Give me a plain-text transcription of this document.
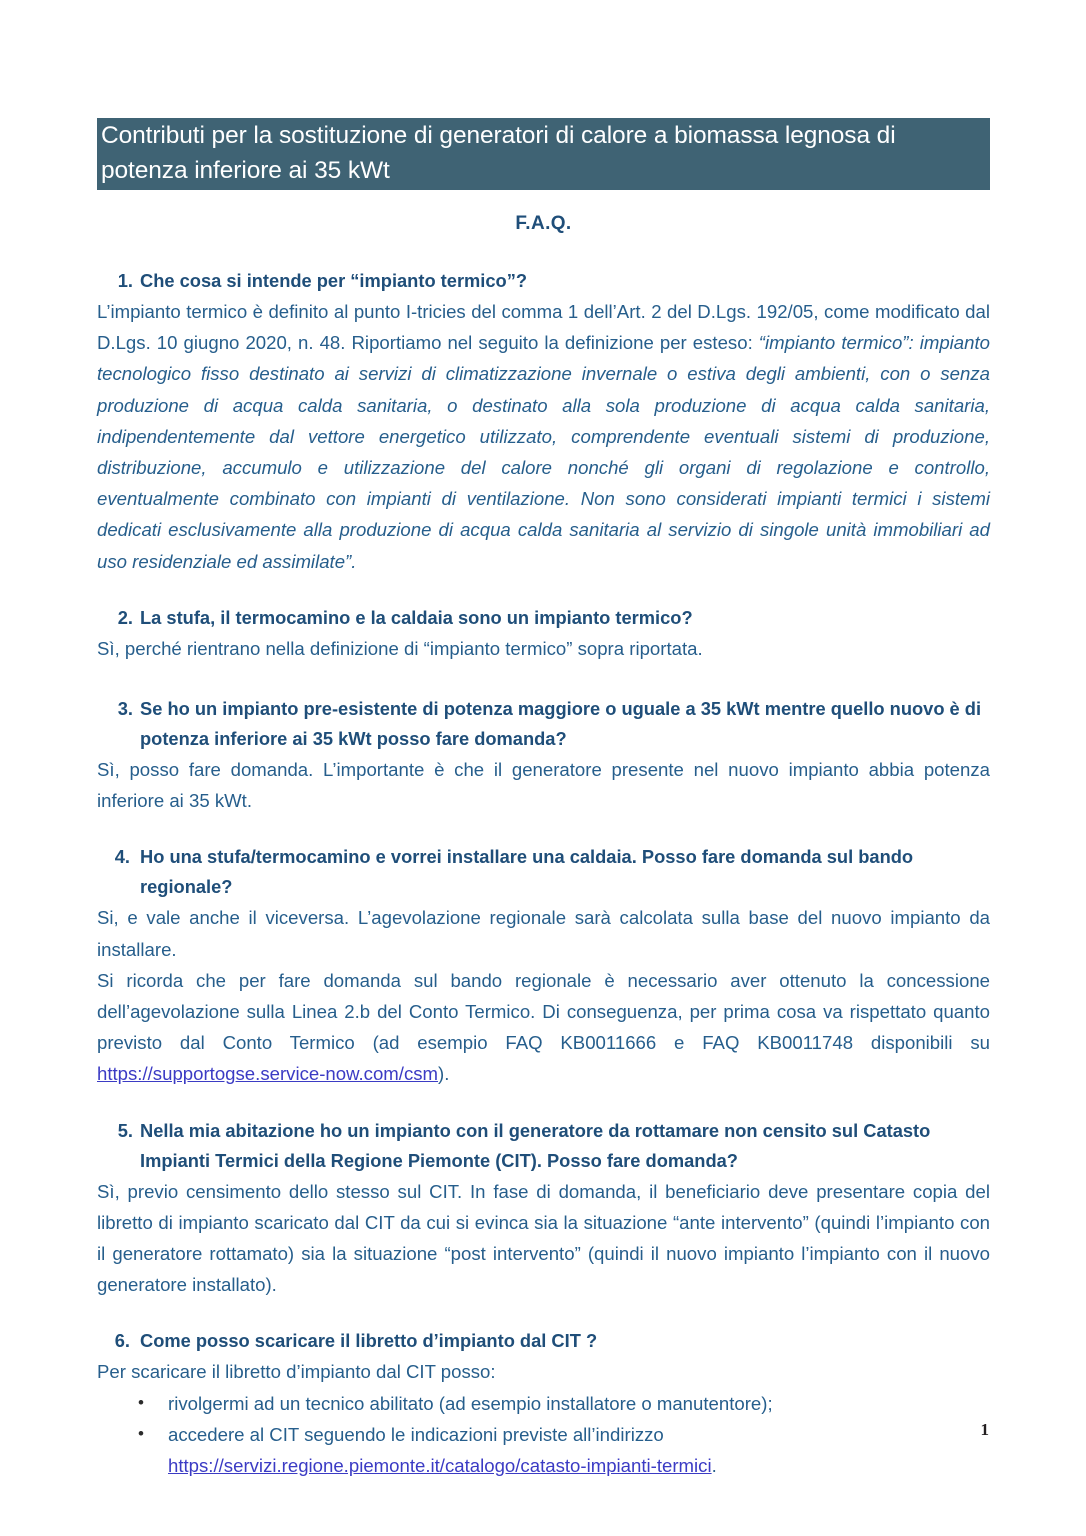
Contributi per la sostituzione di generatori di calore a biomassa legnosa di potenza inferiore ai 35 kWt
F.A.Q.
1. Che cosa si intende per “impianto termico”?

L’impianto termico è definito al punto I-tricies del comma 1 dell’Art. 2 del D.Lgs. 192/05, come modificato dal D.Lgs. 10 giugno 2020, n. 48. Riportiamo nel seguito la definizione per esteso: “impianto termico”: impianto tecnologico fisso destinato ai servizi di climatizzazione invernale o estiva degli ambienti, con o senza produzione di acqua calda sanitaria, o destinato alla sola produzione di acqua calda sanitaria, indipendentemente dal vettore energetico utilizzato, comprendente eventuali sistemi di produzione, distribuzione, accumulo e utilizzazione del calore nonché gli organi di regolazione e controllo, eventualmente combinato con impianti di ventilazione. Non sono considerati impianti termici i sistemi dedicati esclusivamente alla produzione di acqua calda sanitaria al servizio di singole unità immobiliari ad uso residenziale ed assimilate”.

2. La stufa, il termocamino e la caldaia sono un impianto termico?

Sì, perché rientrano nella definizione di “impianto termico” sopra riportata.

3. Se ho un impianto pre-esistente di potenza maggiore o uguale a 35 kWt mentre quello nuovo è di potenza inferiore ai 35 kWt posso fare domanda?

Sì, posso fare domanda. L’importante è che il generatore presente nel nuovo impianto abbia potenza inferiore ai 35 kWt.

4. Ho una stufa/termocamino e vorrei installare una caldaia. Posso fare domanda sul bando regionale?

Si, e vale anche il viceversa. L’agevolazione regionale sarà calcolata sulla base del nuovo impianto da installare.

Si ricorda che per fare domanda sul bando regionale è necessario aver ottenuto la concessione dell’agevolazione sulla Linea 2.b del Conto Termico. Di conseguenza, per prima cosa va rispettato quanto previsto dal Conto Termico (ad esempio FAQ KB0011666 e FAQ KB0011748 disponibili su https://supportogse.service-now.com/csm).

5. Nella mia abitazione ho un impianto con il generatore da rottamare non censito sul Catasto Impianti Termici della Regione Piemonte (CIT). Posso fare domanda?

Sì, previo censimento dello stesso sul CIT. In fase di domanda, il beneficiario deve presentare copia del libretto di impianto scaricato dal CIT da cui si evinca sia la situazione “ante intervento” (quindi l’impianto con il generatore rottamato) sia la situazione “post intervento” (quindi il nuovo impianto l’impianto con il nuovo generatore installato).

6. Come posso scaricare il libretto d’impianto dal CIT ?

Per scaricare il libretto d’impianto dal CIT posso:

• rivolgermi ad un tecnico abilitato (ad esempio installatore o manutentore);
• accedere al CIT seguendo le indicazioni previste all’indirizzo https://servizi.regione.piemonte.it/catalogo/catasto-impianti-termici.
1
